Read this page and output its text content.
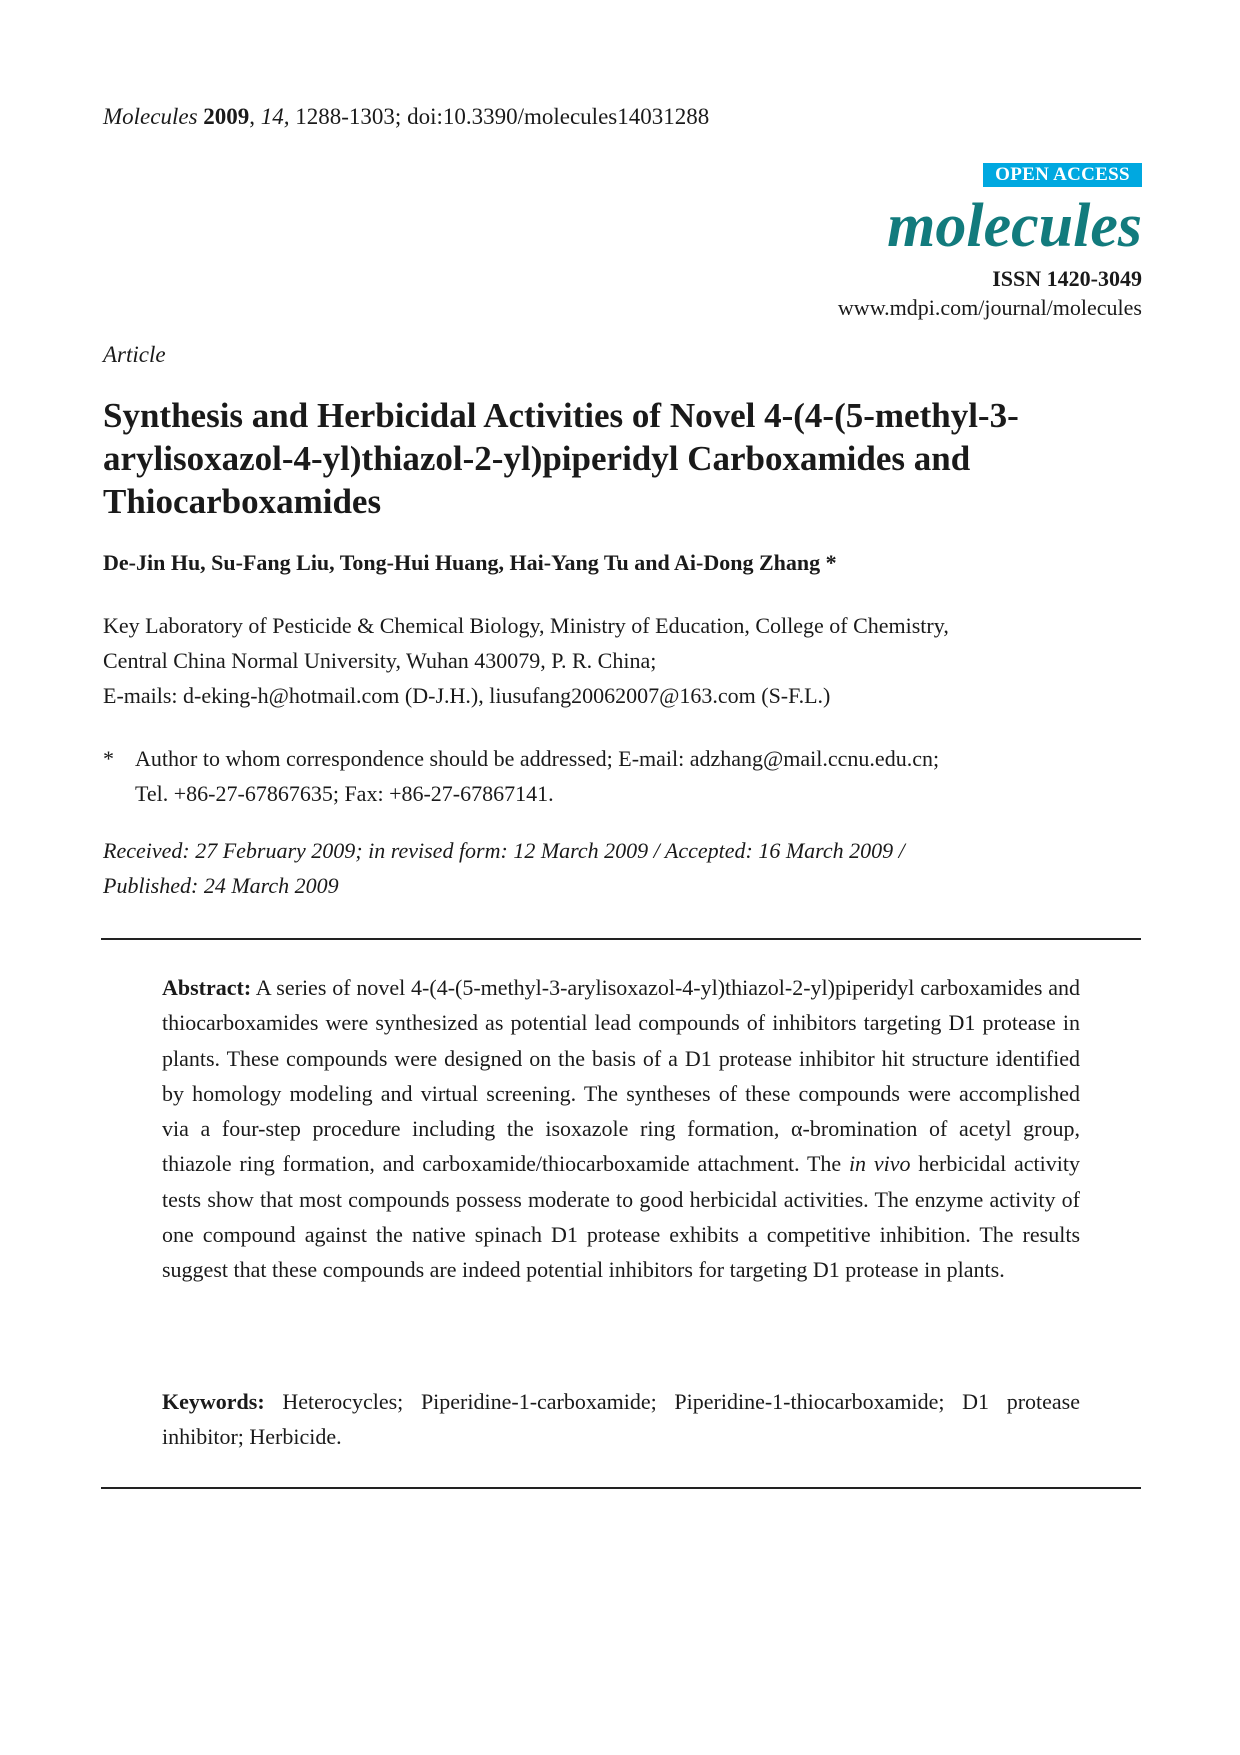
Molecules 2009, 14, 1288-1303; doi:10.3390/molecules14031288
OPEN ACCESS
molecules
ISSN 1420-3049
www.mdpi.com/journal/molecules
Article
Synthesis and Herbicidal Activities of Novel 4-(4-(5-methyl-3-
arylisoxazol-4-yl)thiazol-2-yl)piperidyl Carboxamides and
Thiocarboxamides
De-Jin Hu, Su-Fang Liu, Tong-Hui Huang, Hai-Yang Tu and Ai-Dong Zhang *
Key Laboratory of Pesticide & Chemical Biology, Ministry of Education, College of Chemistry,
Central China Normal University, Wuhan 430079, P. R. China;
E-mails: d-eking-h@hotmail.com (D-J.H.), liusufang20062007@163.com (S-F.L.)
* Author to whom correspondence should be addressed; E-mail: adzhang@mail.ccnu.edu.cn;
Tel. +86-27-67867635; Fax: +86-27-67867141.
Received: 27 February 2009; in revised form: 12 March 2009 / Accepted: 16 March 2009 /
Published: 24 March 2009
Abstract: A series of novel 4-(4-(5-methyl-3-arylisoxazol-4-yl)thiazol-2-yl)piperidyl carboxamides and thiocarboxamides were synthesized as potential lead compounds of inhibitors targeting D1 protease in plants. These compounds were designed on the basis of a D1 protease inhibitor hit structure identified by homology modeling and virtual screening. The syntheses of these compounds were accomplished via a four-step procedure including the isoxazole ring formation, α-bromination of acetyl group, thiazole ring formation, and carboxamide/thiocarboxamide attachment. The in vivo herbicidal activity tests show that most compounds possess moderate to good herbicidal activities. The enzyme activity of one compound against the native spinach D1 protease exhibits a competitive inhibition. The results suggest that these compounds are indeed potential inhibitors for targeting D1 protease in plants.
Keywords: Heterocycles; Piperidine-1-carboxamide; Piperidine-1-thiocarboxamide; D1 protease inhibitor; Herbicide.
